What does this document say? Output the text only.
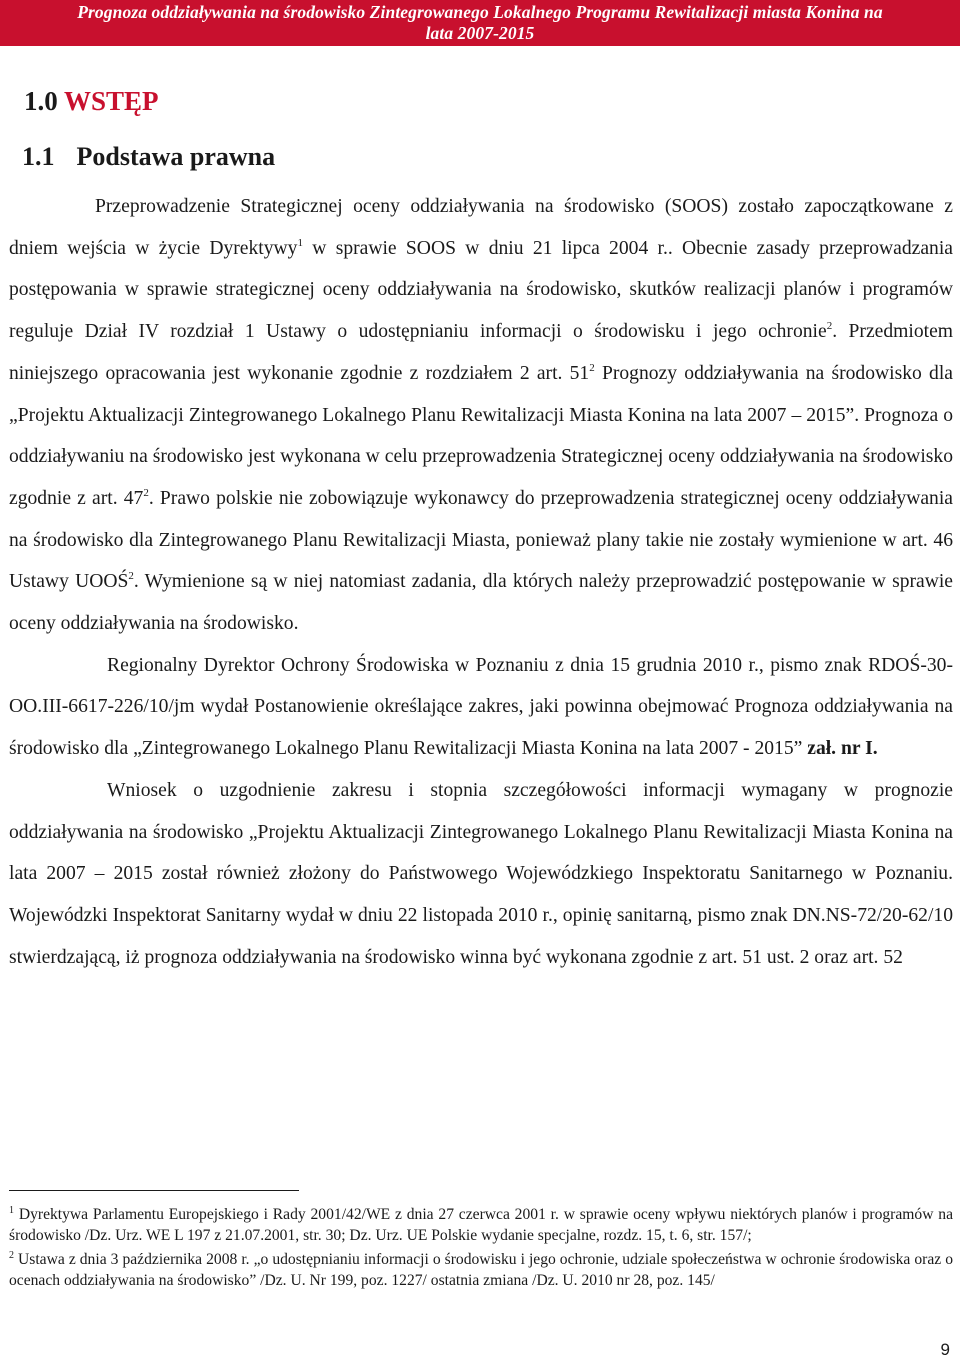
Prognoza oddziaływania na środowisko Zintegrowanego Lokalnego Programu Rewitalizacji miasta Konina na
lata 2007-2015
1.0 WSTĘP
1.1 Podstawa prawna

Przeprowadzenie Strategicznej oceny oddziaływania na środowisko (SOOS) zostało zapoczątkowane z dniem wejścia w życie Dyrektywy$^1$ w sprawie SOOS w dniu 21 lipca 2004 r.. Obecnie zasady przeprowadzania postępowania w sprawie strategicznej oceny oddziaływania na środowisko, skutków realizacji planów i programów reguluje Dział IV rozdział 1 Ustawy o udostępnianiu informacji o środowisku i jego ochronie$^2$. Przedmiotem niniejszego opracowania jest wykonanie zgodnie z rozdziałem 2 art. $51^2$ Prognozy oddziaływania na środowisko dla „Projektu Aktualizacji Zintegrowanego Lokalnego Planu Rewitalizacji Miasta Konina na lata 2007 – 2015”. Prognoza o oddziaływaniu na środowisko jest wykonana w celu przeprowadzenia Strategicznej oceny oddziaływania na środowisko zgodnie z art. $47^2$. Prawo polskie nie zobowiązuje wykonawcy do przeprowadzenia strategicznej oceny oddziaływania na środowisko dla Zintegrowanego Planu Rewitalizacji Miasta, ponieważ plany takie nie zostały wymienione w art. 46 Ustawy UOOŚ$^2$. Wymienione są w niej natomiast zadania, dla których należy przeprowadzić postępowanie w sprawie oceny oddziaływania na środowisko.

Regionalny Dyrektor Ochrony Środowiska w Poznaniu z dnia 15 grudnia 2010 r., pismo znak RDOŚ-30-OO.III-6617-226/10/jm wydał Postanowienie określające zakres, jaki powinna obejmować Prognoza oddziaływania na środowisko dla „Zintegrowanego Lokalnego Planu Rewitalizacji Miasta Konina na lata 2007 - 2015” zał. nr I.

Wniosek o uzgodnienie zakresu i stopnia szczegółowości informacji wymagany w prognozie oddziaływania na środowisko „Projektu Aktualizacji Zintegrowanego Lokalnego Planu Rewitalizacji Miasta Konina na lata 2007 – 2015 został również złożony do Państwowego Wojewódzkiego Inspektoratu Sanitarnego w Poznaniu. Wojewódzki Inspektorat Sanitarny wydał w dniu 22 listopada 2010 r., opinię sanitarną, pismo znak DN.NS-72/20-62/10 stwierdzającą, iż prognoza oddziaływania na środowisko winna być wykonana zgodnie z art. 51 ust. 2 oraz art. 52

$^1$ Dyrektywa Parlamentu Europejskiego i Rady 2001/42/WE z dnia 27 czerwca 2001 r. w sprawie oceny wpływu niektórych planów i programów na środowisko /Dz. Urz. WE L 197 z 21.07.2001, str. 30; Dz. Urz. UE Polskie wydanie specjalne, rozdz. 15, t. 6, str. 157/;

$^2$ Ustawa z dnia 3 października 2008 r. „o udostępnianiu informacji o środowisku i jego ochronie, udziale społeczeństwa w ochronie środowiska oraz o ocenach oddziaływania na środowisko” /Dz. U. Nr 199, poz. 1227/ ostatnia zmiana /Dz. U. 2010 nr 28, poz. 145/

9
